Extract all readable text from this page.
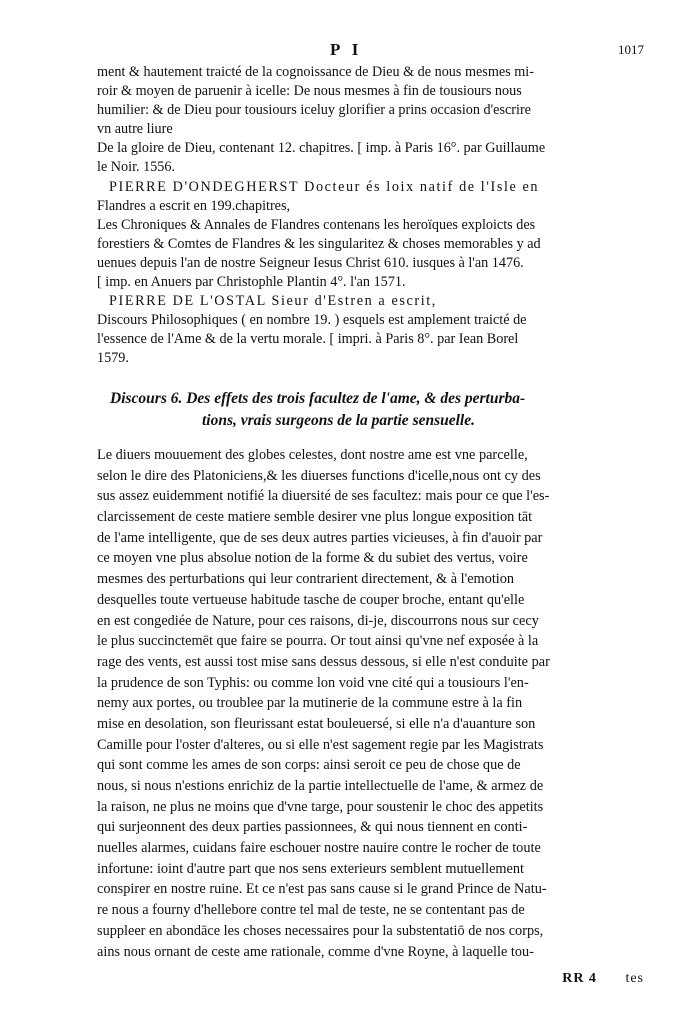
P I	1017
ment & hautement traicté de la cognoissance de Dieu & de nous mesmes mi-
roir & moyen de paruenir à icelle: De nous mesmes à fin de tousiours nous
humilier: & de Dieu pour tousiours iceluy glorifier a prins occasion d'escrire
vn autre liure
De la gloire de Dieu, contenant 12. chapitres. [ imp. à Paris 16°. par Guillaume
le Noir. 1556.
PIERRE D'ONDEGHERST Docteur és loix natif de l'Isle en
Flandres a escrit en 199.chapitres,
Les Chroniques & Annales de Flandres contenans les heroïques exploicts des
forestiers & Comtes de Flandres & les singularitez & choses memorables y ad
uenues depuis l'an de nostre Seigneur Iesus Christ 610. iusques à l'an 1476.
[ imp. en Anuers par Christophle Plantin 4°. l'an 1571.
PIERRE DE L'OSTAL Sieur d'Estren a escrit,
Discours Philosophiques ( en nombre 19. ) esquels est amplement traicté de
l'essence de l'Ame & de la vertu morale. [ impri. à Paris 8°. par Iean Borel
1579.
Discours 6. Des effets des trois facultez de l'ame, & des perturba-
tions, vrais surgeons de la partie sensuelle.
Le diuers mouuement des globes celestes, dont nostre ame est vne parcelle,
selon le dire des Platoniciens,& les diuerses functions d'icelle,nous ont cy des
sus assez euidemment notifié la diuersité de ses facultez: mais pour ce que l'es-
clarcissement de ceste matiere semble desirer vne plus longue exposition tāt
de l'ame intelligente, que de ses deux autres parties vicieuses, à fin d'auoir par
ce moyen vne plus absolue notion de la forme & du subiet des vertus, voire
mesmes des perturbations qui leur contrarient directement, & à l'emotion
desquelles toute vertueuse habitude tasche de couper broche, entant qu'elle
en est congediée de Nature, pour ces raisons, di-je, discourrons nous sur cecy
le plus succinctemēt que faire se pourra. Or tout ainsi qu'vne nef exposée à la
rage des vents, est aussi tost mise sans dessus dessous, si elle n'est conduite par
la prudence de son Typhis: ou comme lon void vne cité qui a tousiours l'en-
nemy aux portes, ou troublee par la mutinerie de la commune estre à la fin
mise en desolation, son fleurissant estat bouleuersé, si elle n'a d'auanture son
Camille pour l'oster d'alteres, ou si elle n'est sagement regie par les Magistrats
qui sont comme les ames de son corps: ainsi seroit ce peu de chose que de
nous, si nous n'estions enrichiz de la partie intellectuelle de l'ame, & armez de
la raison, ne plus ne moins que d'vne targe, pour soustenir le choc des appetits
qui surjeonnent des deux parties passionnees, & qui nous tiennent en conti-
nuelles alarmes, cuidans faire eschouer nostre nauire contre le rocher de toute
infortune: ioint d'autre part que nos sens exterieurs semblent mutuellement
conspirer en nostre ruine. Et ce n'est pas sans cause si le grand Prince de Natu-
re nous a fourny d'hellebore contre tel mal de teste, ne se contentant pas de
suppleer en abondāce les choses necessaires pour la substentatiō de nos corps,
ains nous ornant de ceste ame rationale, comme d'vne Royne, à laquelle tou-
RR 4 tes
